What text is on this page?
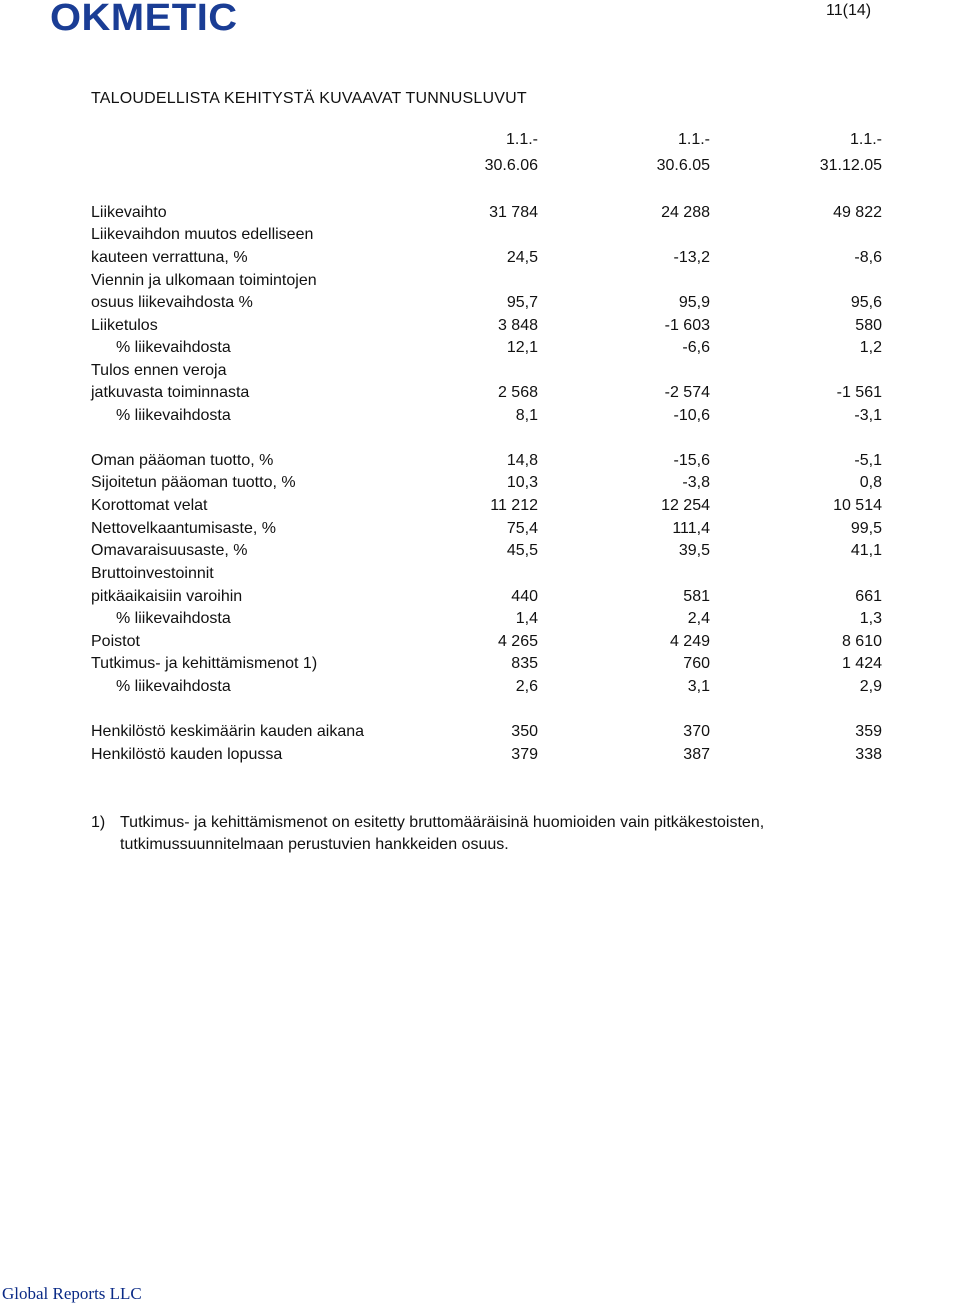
OKMETIC	11(14)
TALOUDELLISTA KEHITYSTÄ KUVAAVAT TUNNUSLUVUT
1.1.-	1.1.-	1.1.-
30.6.06	30.6.05	31.12.05
Liikevaihto	31 784	24 288	49 822
Liikevaihdon muutos edelliseen
kauteen verrattuna, %	24,5	-13,2	-8,6
Viennin ja ulkomaan toimintojen
osuus liikevaihdosta %	95,7	95,9	95,6
Liiketulos	3 848	-1 603	580
% liikevaihdosta	12,1	-6,6	1,2
Tulos ennen veroja
jatkuvasta toiminnasta	2 568	-2 574	-1 561
% liikevaihdosta	8,1	-10,6	-3,1
Oman pääoman tuotto, %	14,8	-15,6	-5,1
Sijoitetun pääoman tuotto, %	10,3	-3,8	0,8
Korottomat velat	11 212	12 254	10 514
Nettovelkaantumisaste, %	75,4	111,4	99,5
Omavaraisuusaste, %	45,5	39,5	41,1
Bruttoinvestoinnit
pitkäaikaisiin varoihin	440	581	661
% liikevaihdosta	1,4	2,4	1,3
Poistot	4 265	4 249	8 610
Tutkimus- ja kehittämismenot 1)	835	760	1 424
% liikevaihdosta	2,6	3,1	2,9
Henkilöstö keskimäärin kauden aikana	350	370	359
Henkilöstö kauden lopussa	379	387	338
1) Tutkimus- ja kehittämismenot on esitetty bruttomääräisinä huomioiden vain pitkäkestoisten,
tutkimussuunnitelmaan perustuvien hankkeiden osuus.
Global Reports LLC
